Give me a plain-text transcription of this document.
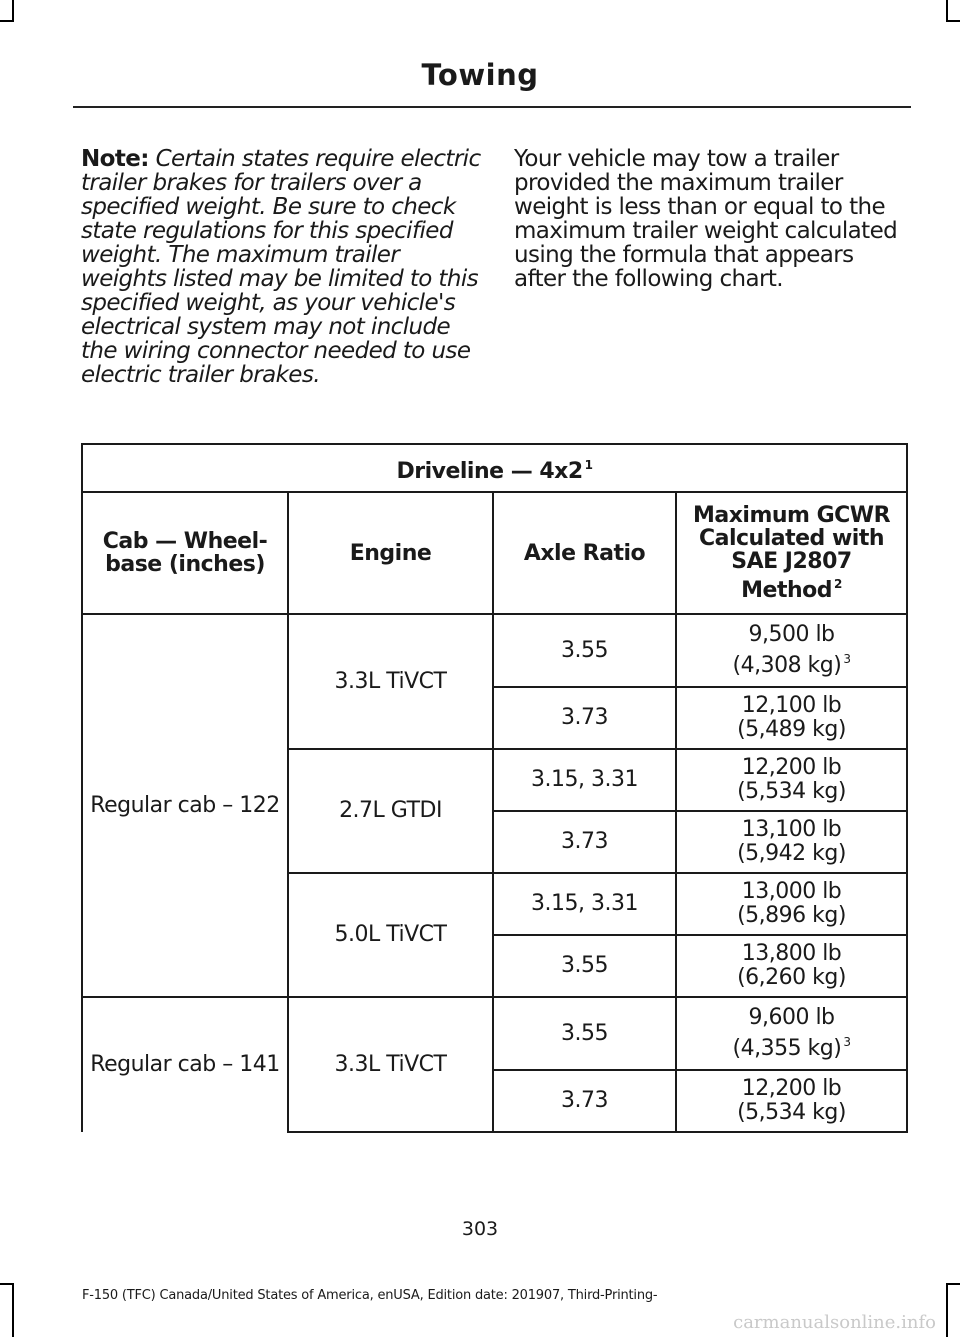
Towing
Note: Certain states require electric trailer brakes for trailers over a specified weight. Be sure to check state regulations for this specified weight. The maximum trailer weights listed may be limited to this specified weight, as your vehicle's electrical system may not include the wiring connector needed to use electric trailer brakes.
Your vehicle may tow a trailer provided the maximum trailer weight is less than or equal to the maximum trailer weight calculated using the formula that appears after the following chart.
Driveline — 4x2 $^1$
Cab — Wheel-base (inches)	Engine	Axle Ratio	Maximum GCWR Calculated with SAE J2807 Method $^2$
Regular cab – 122	3.3L TiVCT	3.55	9,500 lb
(4,308 kg) $^3$
		3.73	12,100 lb
(5,489 kg)
	2.7L GTDI	3.15, 3.31	12,200 lb
(5,534 kg)
		3.73	13,100 lb
(5,942 kg)
	5.0L TiVCT	3.15, 3.31	13,000 lb
(5,896 kg)
		3.55	13,800 lb
(6,260 kg)
Regular cab – 141	3.3L TiVCT	3.55	9,600 lb
(4,355 kg) $^3$
		3.73	12,200 lb
(5,534 kg)
303
F-150 (TFC) Canada/United States of America, enUSA, Edition date: 201907, Third-Printing-
carmanualsonline.info
